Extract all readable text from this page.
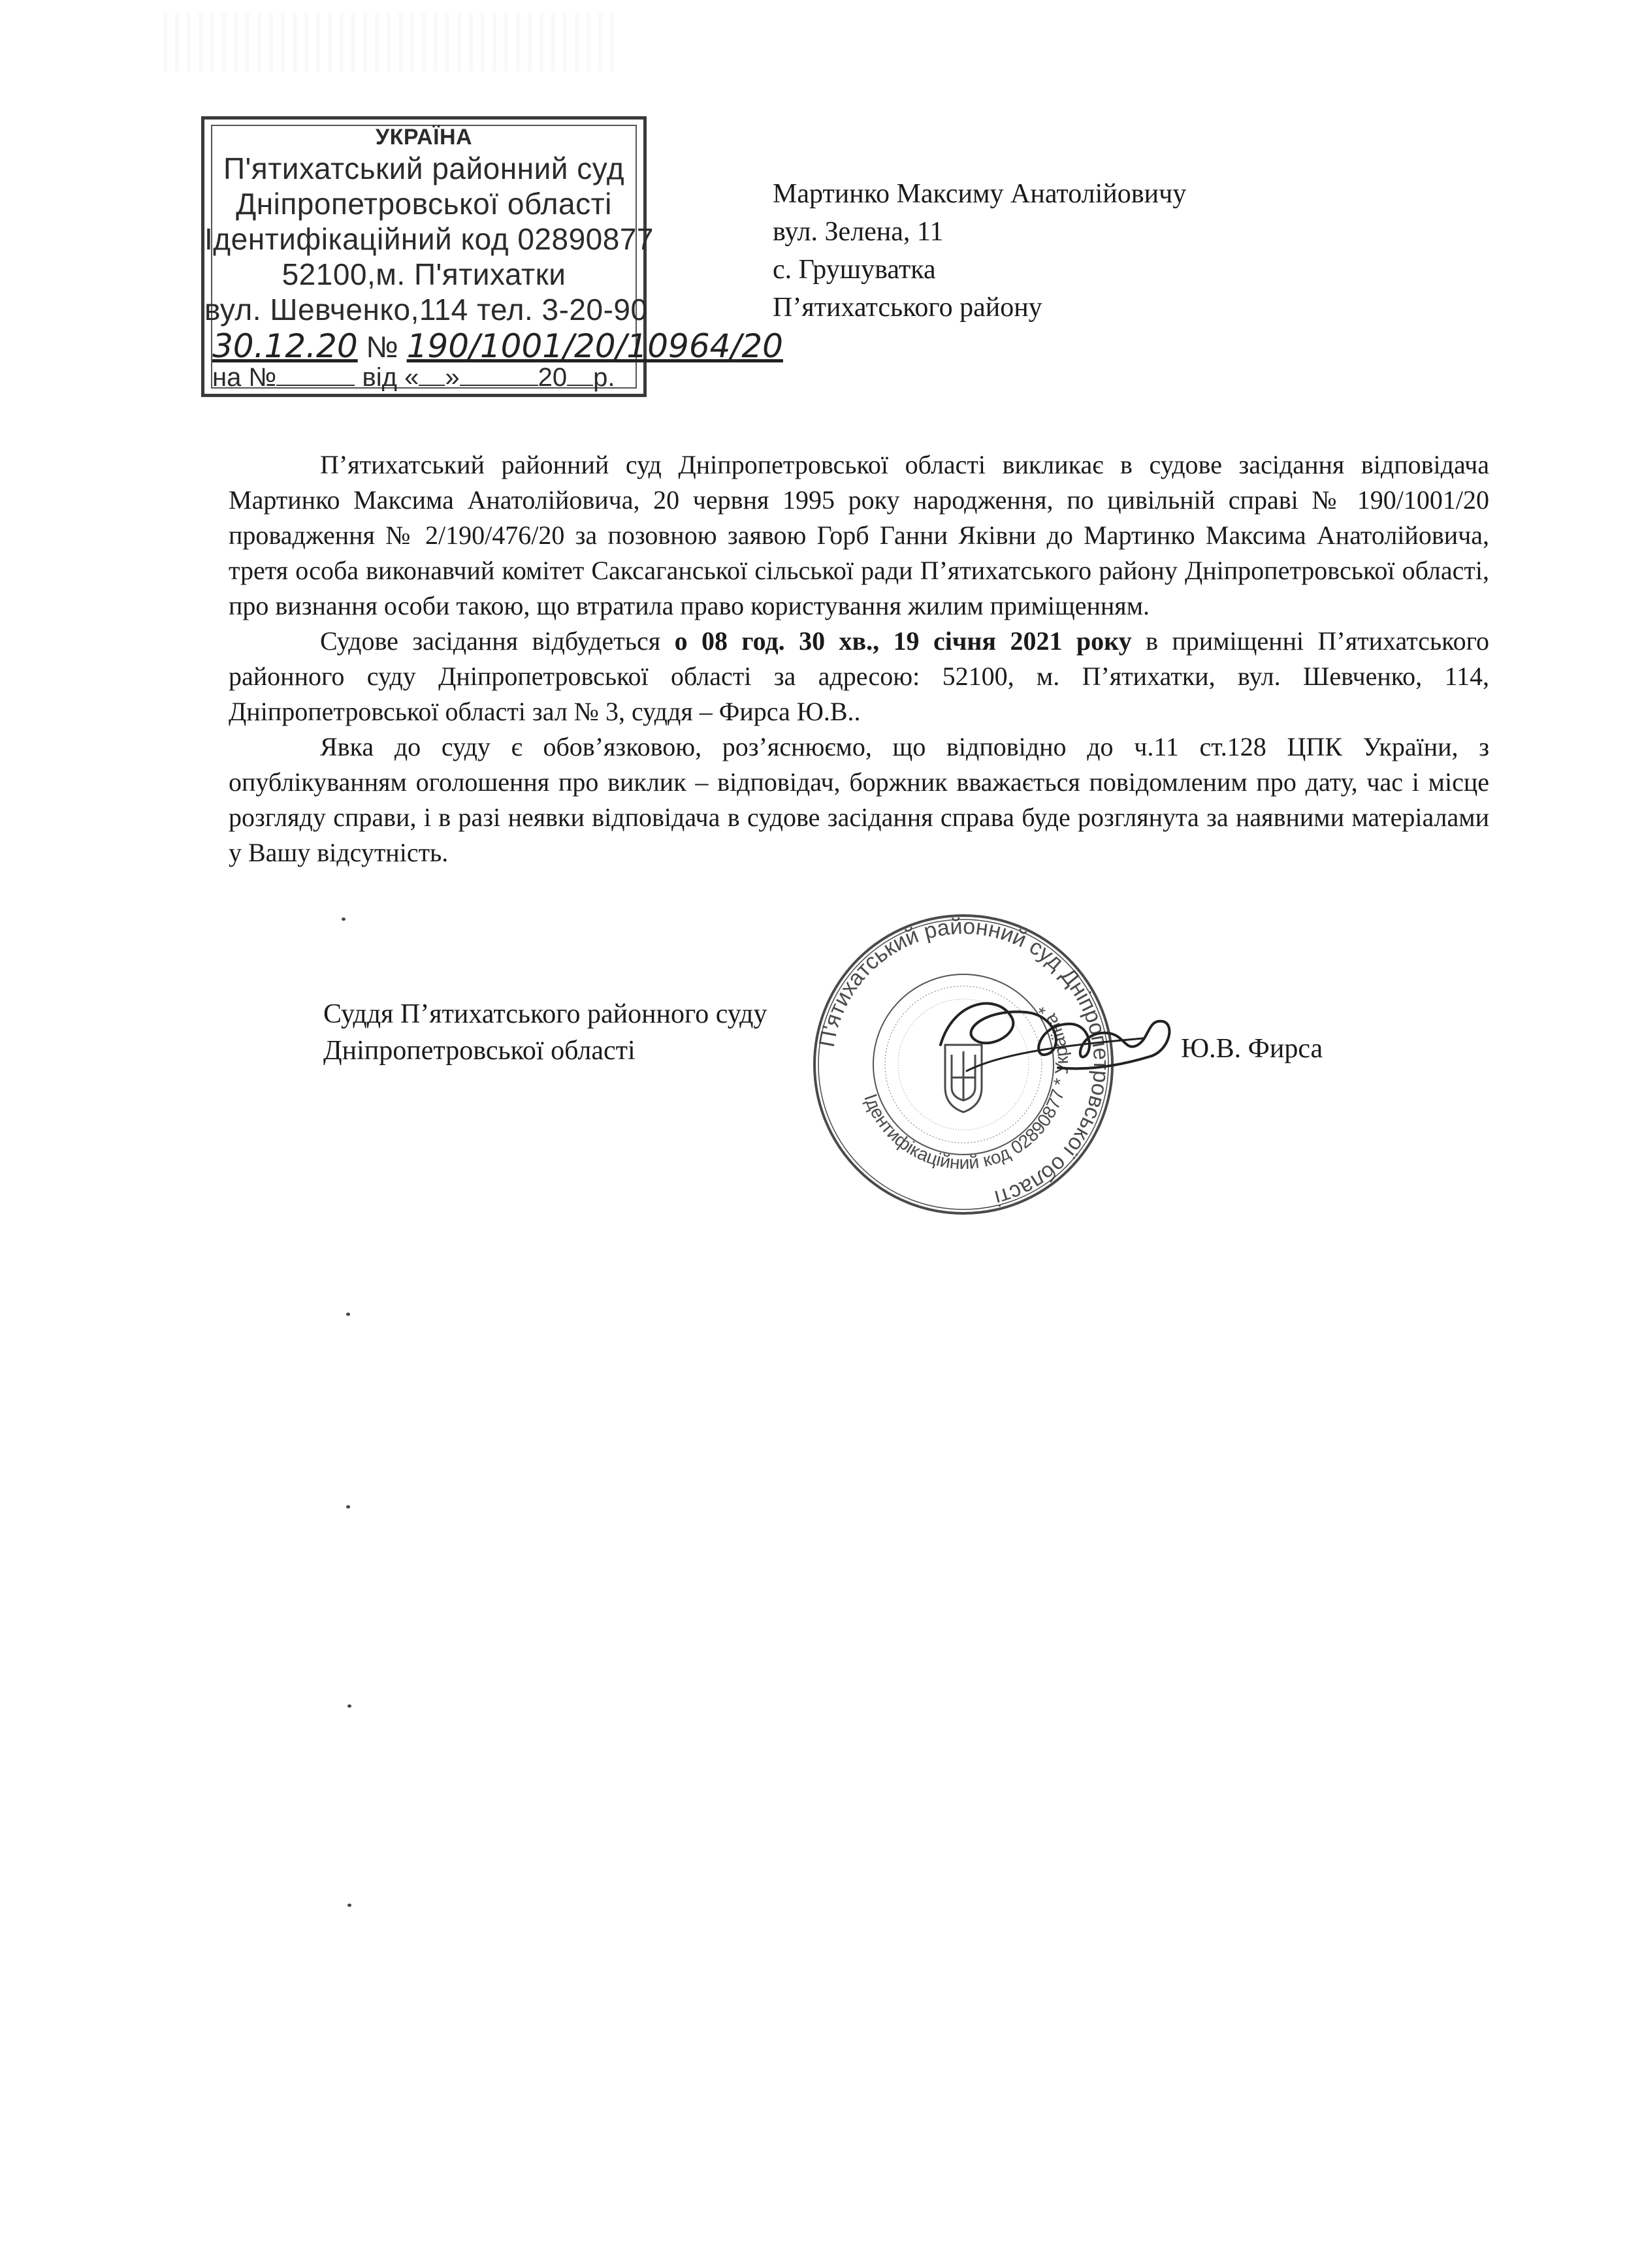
УКРАЇНА
П'ятихатський районний суд
Дніпропетровської області
Ідентифікаційний код 02890877
52100,м. П'ятихатки
вул. Шевченко,114 тел. 3-20-90
30.12.20 № 190/1001/20/10964/20
на №	від « »	20 р.
Мартинко Максиму Анатолійовичу
вул. Зелена, 11
с. Грушуватка
П’ятихатського району

П’ятихатський районний суд Дніпропетровської області викликає в судове засідання відповідача Мартинко Максима Анатолійовича, 20 червня 1995 року народження, по цивільній справі № 190/1001/20 провадження № 2/190/476/20 за позовною заявою Горб Ганни Яківни до Мартинко Максима Анатолійовича, третя особа виконавчий комітет Саксаганської сільської ради П’ятихатського району Дніпропетровської області, про визнання особи такою, що втратила право користування жилим приміщенням.

Судове засідання відбудеться о 08 год. 30 хв., 19 січня 2021 року в приміщенні П’ятихатського районного суду Дніпропетровської області за адресою: 52100, м. П’ятихатки, вул. Шевченко, 114, Дніпропетровської області зал № 3, суддя – Фирса Ю.В..

Явка до суду є обов’язковою, роз’яснюємо, що відповідно до ч.11 ст.128 ЦПК України, з опублікуванням оголошення про виклик – відповідач, боржник вважається повідомленим про дату, час і місце розгляду справи, і в разі неявки відповідача в судове засідання справа буде розглянута за наявними матеріалами у Вашу відсутність.

П'ятихатський районний суд Дніпропетровської області
Ідентифікаційний код 02890877 * Україна *
Суддя П’ятихатського районного суду
Дніпропетровської області	Ю.В. Фирса
